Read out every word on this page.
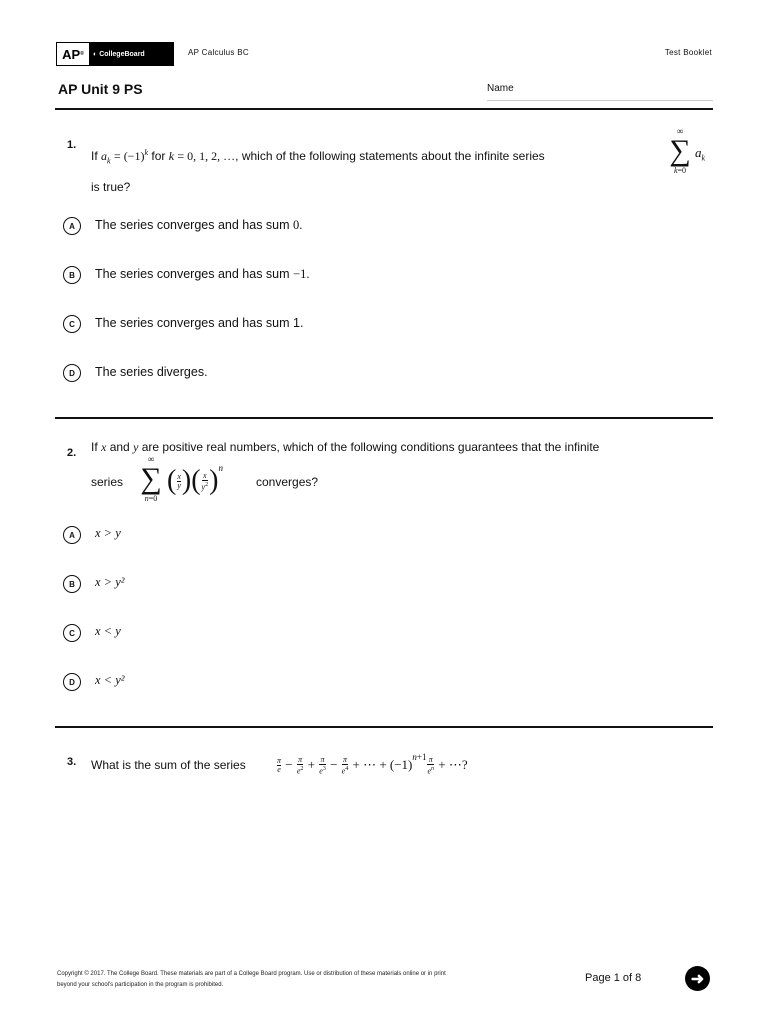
AP ®	◐ CollegeBoard	AP Calculus BC	Test Booklet
AP Unit 9 PS	Name
1.
If $a_k = (-1)^k$ for k = 0, 1, 2, …, which of the following statements about the infinite series
∞
∑
k=0
$a_k$
is true?
A	The series converges and has sum 0.
B	The series converges and has sum −1.
C	The series converges and has sum 1.
D	The series diverges.
2. If x and y are positive real numbers, which of the following conditions guarantees that the infinite
series
∞
∑
n=0
( $\frac{x}{y}$ ) ( $\frac{x}{y^2}$ ) n
converges?
A	x > y
B	x > y²
C	x < y
D	x < y²
3. What is the sum of the series	$\frac{\pi}{e} - \frac{\pi}{e^2} + \frac{\pi}{e^3} - \frac{\pi}{e^4}$ + ⋯ + $(-1)^{n+1} \frac{\pi}{e^n}$ + ⋯?
Copyright © 2017. The College Board. These materials are part of a College Board program. Use or distribution of these materials online or in print
beyond your school's participation in the program is prohibited.
Page 1 of 8	➜
